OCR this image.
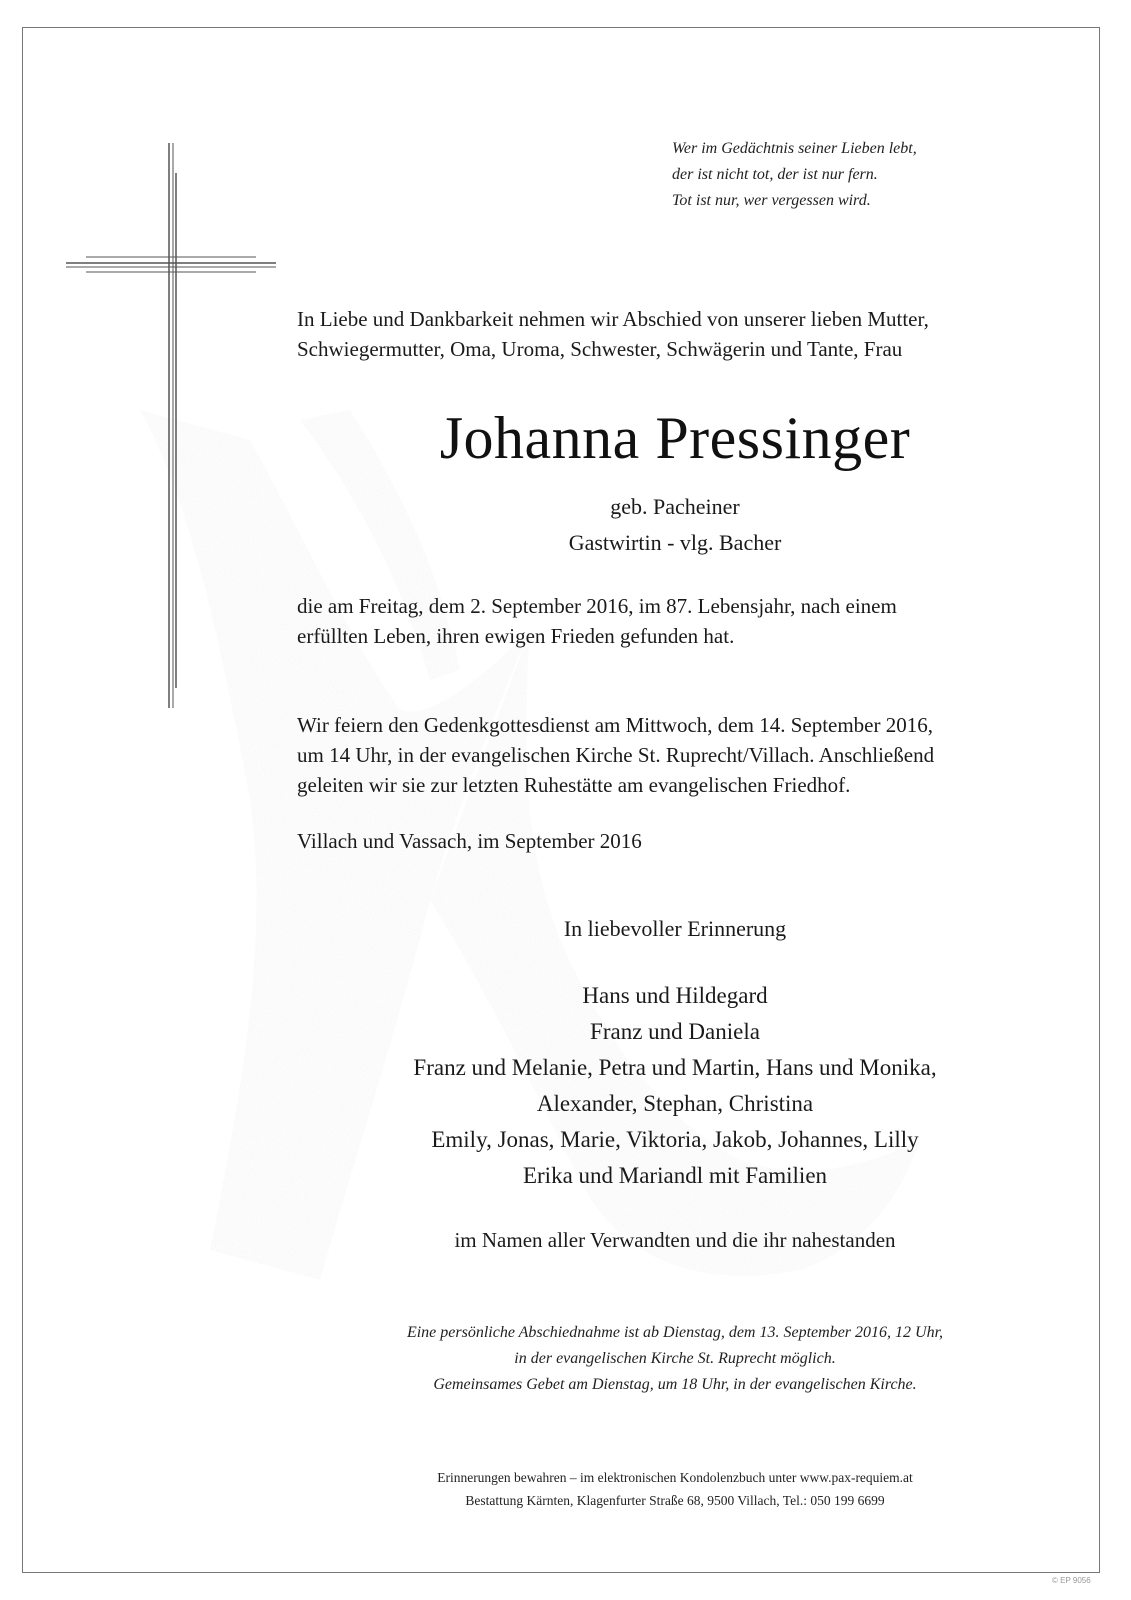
Wer im Gedächtnis seiner Lieben lebt,
der ist nicht tot, der ist nur fern.
Tot ist nur, wer vergessen wird.
In Liebe und Dankbarkeit nehmen wir Abschied von unserer lieben Mutter,
Schwiegermutter, Oma, Uroma, Schwester, Schwägerin und Tante, Frau
Johanna Pressinger
geb. Pacheiner
Gastwirtin - vlg. Bacher
die am Freitag, dem 2. September 2016, im 87. Lebensjahr, nach einem
erfüllten Leben, ihren ewigen Frieden gefunden hat.
Wir feiern den Gedenkgottesdienst am Mittwoch, dem 14. September 2016,
um 14 Uhr, in der evangelischen Kirche St. Ruprecht/Villach. Anschließend
geleiten wir sie zur letzten Ruhestätte am evangelischen Friedhof.
Villach und Vassach, im September 2016
In liebevoller Erinnerung
Hans und Hildegard
Franz und Daniela
Franz und Melanie, Petra und Martin, Hans und Monika,
Alexander, Stephan, Christina
Emily, Jonas, Marie, Viktoria, Jakob, Johannes, Lilly
Erika und Mariandl mit Familien
im Namen aller Verwandten und die ihr nahestanden
Eine persönliche Abschiednahme ist ab Dienstag, dem 13. September 2016, 12 Uhr,
in der evangelischen Kirche St. Ruprecht möglich.
Gemeinsames Gebet am Dienstag, um 18 Uhr, in der evangelischen Kirche.
Erinnerungen bewahren – im elektronischen Kondolenzbuch unter www.pax-requiem.at
Bestattung Kärnten, Klagenfurter Straße 68, 9500 Villach, Tel.: 050 199 6699
© EP 9056
